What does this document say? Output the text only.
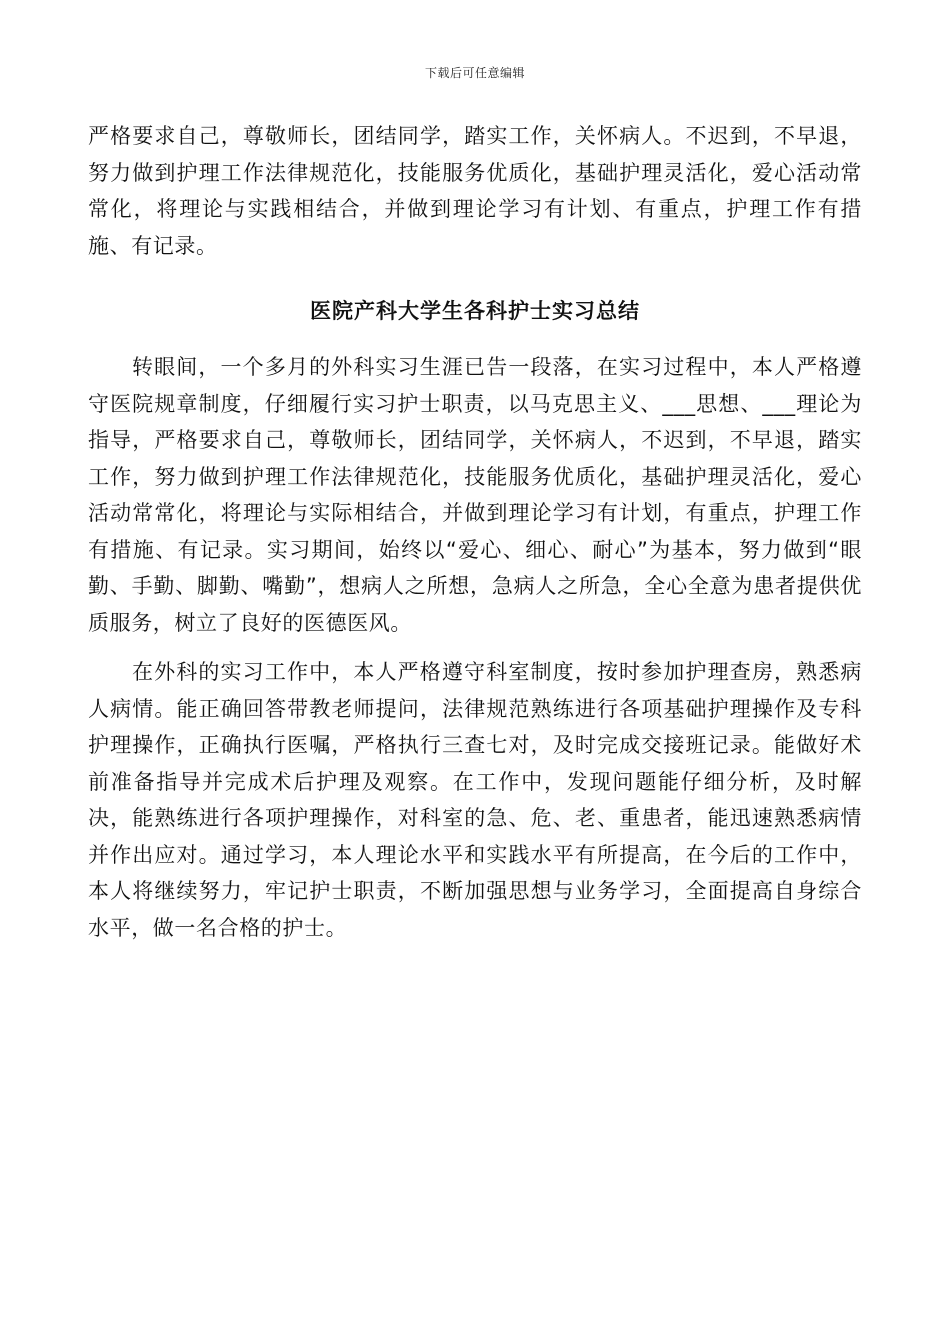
下载后可任意编辑

严格要求自己，尊敬师长，团结同学，踏实工作，关怀病人。不迟到，不早退，努力做到护理工作法律规范化，技能服务优质化，基础护理灵活化，爱心活动常常化，将理论与实践相结合，并做到理论学习有计划、有重点，护理工作有措施、有记录。

医院产科大学生各科护士实习总结

转眼间，一个多月的外科实习生涯已告一段落，在实习过程中，本人严格遵守医院规章制度，仔细履行实习护士职责，以马克思主义、___思想、___理论为指导，严格要求自己，尊敬师长，团结同学，关怀病人，不迟到，不早退，踏实工作，努力做到护理工作法律规范化，技能服务优质化，基础护理灵活化，爱心活动常常化，将理论与实际相结合，并做到理论学习有计划，有重点，护理工作有措施、有记录。实习期间，始终以“爱心、细心、耐心”为基本，努力做到“眼勤、手勤、脚勤、嘴勤”，想病人之所想，急病人之所急，全心全意为患者提供优质服务，树立了良好的医德医风。

在外科的实习工作中，本人严格遵守科室制度，按时参加护理查房，熟悉病人病情。能正确回答带教老师提问，法律规范熟练进行各项基础护理操作及专科护理操作，正确执行医嘱，严格执行三查七对，及时完成交接班记录。能做好术前准备指导并完成术后护理及观察。在工作中，发现问题能仔细分析，及时解决，能熟练进行各项护理操作，对科室的急、危、老、重患者，能迅速熟悉病情并作出应对。通过学习，本人理论水平和实践水平有所提高，在今后的工作中，本人将继续努力，牢记护士职责，不断加强思想与业务学习，全面提高自身综合水平，做一名合格的护士。
